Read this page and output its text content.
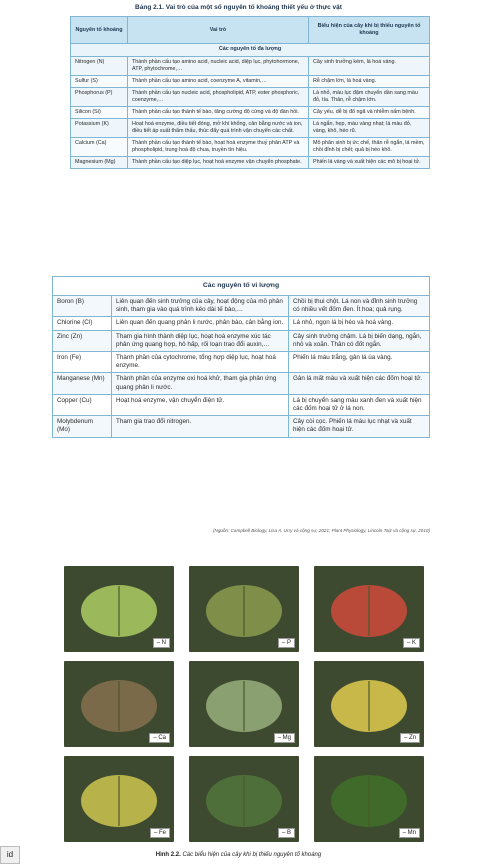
Bảng 2.1. Vai trò của một số nguyên tố khoáng thiết yếu ở thực vật
Nguyên tố khoáng	Vai trò	Biểu hiện của cây khi bị thiếu nguyên tố khoáng
Các nguyên tố đa lượng		
Nitrogen (N)	Thành phần cấu tạo amino acid, nucleic acid, diệp lục, phytohormone, ATP, phytochrome,…	Cây sinh trưởng kém, lá hoá vàng.
Sulfur (S)	Thành phần cấu tạo amino acid, coenzyme A, vitamin,…	Rễ chậm lớn, lá hoá vàng.
Phosphorus (P)	Thành phần cấu tạo nucleic acid, phospholipid, ATP, ester phosphoric, coenzyme,…	Lá nhỏ, màu lục đậm chuyển dần sang màu đỏ, tía. Thân, rễ chậm lớn.
Silicon (Si)	Thành phần cấu tạo thành tế bào, tăng cường độ cứng và độ đàn hồi.	Cây yếu, dễ bị đổ ngã và nhiễm nấm bệnh.
Potassium (K)	Hoạt hoá enzyme, điều tiết đóng, mở khí khổng, cân bằng nước và ion, điều tiết áp suất thẩm thấu, thúc đẩy quá trình vận chuyển các chất.	Lá ngắn, hẹp, màu vàng nhạt; lá màu đỏ, vàng, khô, héo rũ.
Calcium (Ca)	Thành phần cấu tạo thành tế bào, hoạt hoá enzyme thuỷ phân ATP và phospholipid, trung hoà độ chua, truyền tín hiệu.	Mô phân sinh bị ức chế, thân rễ ngắn, lá mềm, chồi đỉnh bị chết; quả bị héo khô.
Magnesium (Mg)	Thành phần cấu tạo diệp lục, hoạt hoá enzyme vận chuyển phosphate.	Phiến lá vàng và xuất hiện các mô bị hoại tử.
Các nguyên tố vi lượng		
Boron (B)	Liên quan đến sinh trưởng của cây, hoạt động của mô phân sinh, tham gia vào quá trình kéo dài tế bào,…	Chồi bị thui chột. Lá non và đỉnh sinh trưởng có nhiều vết đốm đen. Ít hoa; quả rụng.
Chlorine (Cl)	Liên quan đến quang phân li nước, phân bào, cân bằng ion.	Lá nhỏ, ngọn lá bị héo và hoá vàng.
Zinc (Zn)	Tham gia hình thành diệp lục, hoạt hoá enzyme xúc tác phản ứng quang hợp, hô hấp, rối loạn trao đổi auxin,…	Cây sinh trưởng chậm. Lá bị biến dạng, ngắn, nhỏ và xoăn. Thân có đốt ngắn.
Iron (Fe)	Thành phần của cytochrome, tổng hợp diệp lục, hoạt hoá enzyme.	Phiến lá màu trắng, gân lá úa vàng.
Manganese (Mn)	Thành phần của enzyme oxi hoá khử, tham gia phản ứng quang phân li nước.	Gân lá mất màu và xuất hiện các đốm hoại tử.
Copper (Cu)	Hoạt hoá enzyme, vận chuyển điện tử.	Lá bị chuyển sang màu xanh đen và xuất hiện các đốm hoại tử ở lá non.
Molybdenum (Mo)	Tham gia trao đổi nitrogen.	Cây còi cọc. Phiến lá màu lục nhạt và xuất hiện các đốm hoại tử.
(Nguồn: Campbell Biology, Lisa A. Urry và cộng sự, 2021; Plant Physiology, Lincoln Taiz và cộng sự, 2010)
– N	– P	– K
– Ca	– Mg	– Zn
– Fe	– B	– Mn
Hình 2.2. Các biểu hiện của cây khi bị thiếu nguyên tố khoáng
id
